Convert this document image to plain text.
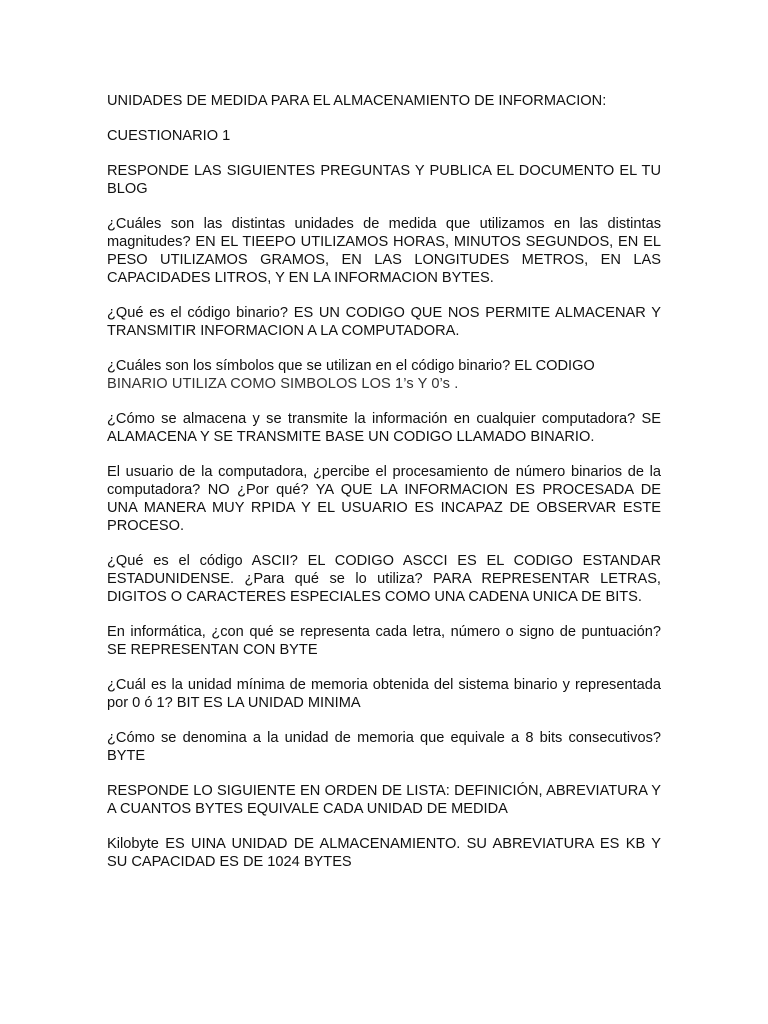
UNIDADES DE MEDIDA PARA EL ALMACENAMIENTO DE INFORMACION:

CUESTIONARIO 1

RESPONDE LAS SIGUIENTES PREGUNTAS Y PUBLICA EL DOCUMENTO EL TU BLOG

¿Cuáles son las distintas unidades de medida que utilizamos en las distintas magnitudes? EN EL TIEEPO UTILIZAMOS HORAS, MINUTOS SEGUNDOS, EN EL PESO UTILIZAMOS GRAMOS, EN LAS LONGITUDES METROS, EN LAS CAPACIDADES LITROS, Y EN LA INFORMACION BYTES.

¿Qué es el código binario? ES UN CODIGO QUE NOS PERMITE ALMACENAR Y TRANSMITIR INFORMACION A LA COMPUTADORA.

¿Cuáles son los símbolos que se utilizan en el código binario? EL CODIGO
BINARIO UTILIZA COMO SIMBOLOS LOS 1’s Y 0’s .

¿Cómo se almacena y se transmite la información en cualquier computadora? SE ALAMACENA Y SE TRANSMITE BASE UN CODIGO LLAMADO BINARIO.

El usuario de la computadora, ¿percibe el procesamiento de número binarios de la computadora? NO ¿Por qué? YA QUE LA INFORMACION ES PROCESADA DE UNA MANERA MUY RPIDA Y EL USUARIO ES INCAPAZ DE OBSERVAR ESTE PROCESO.

¿Qué es el código ASCII? EL CODIGO ASCCI ES EL CODIGO ESTANDAR ESTADUNIDENSE. ¿Para qué se lo utiliza? PARA REPRESENTAR LETRAS, DIGITOS O CARACTERES ESPECIALES COMO UNA CADENA UNICA DE BITS.

En informática, ¿con qué se representa cada letra, número o signo de puntuación? SE REPRESENTAN CON BYTE

¿Cuál es la unidad mínima de memoria obtenida del sistema binario y representada por 0 ó 1? BIT ES LA UNIDAD MINIMA

¿Cómo se denomina a la unidad de memoria que equivale a 8 bits consecutivos? BYTE

RESPONDE LO SIGUIENTE EN ORDEN DE LISTA: DEFINICIÓN, ABREVIATURA Y A CUANTOS BYTES EQUIVALE CADA UNIDAD DE MEDIDA

Kilobyte ES UINA UNIDAD DE ALMACENAMIENTO. SU ABREVIATURA ES KB Y SU CAPACIDAD ES DE 1024 BYTES
